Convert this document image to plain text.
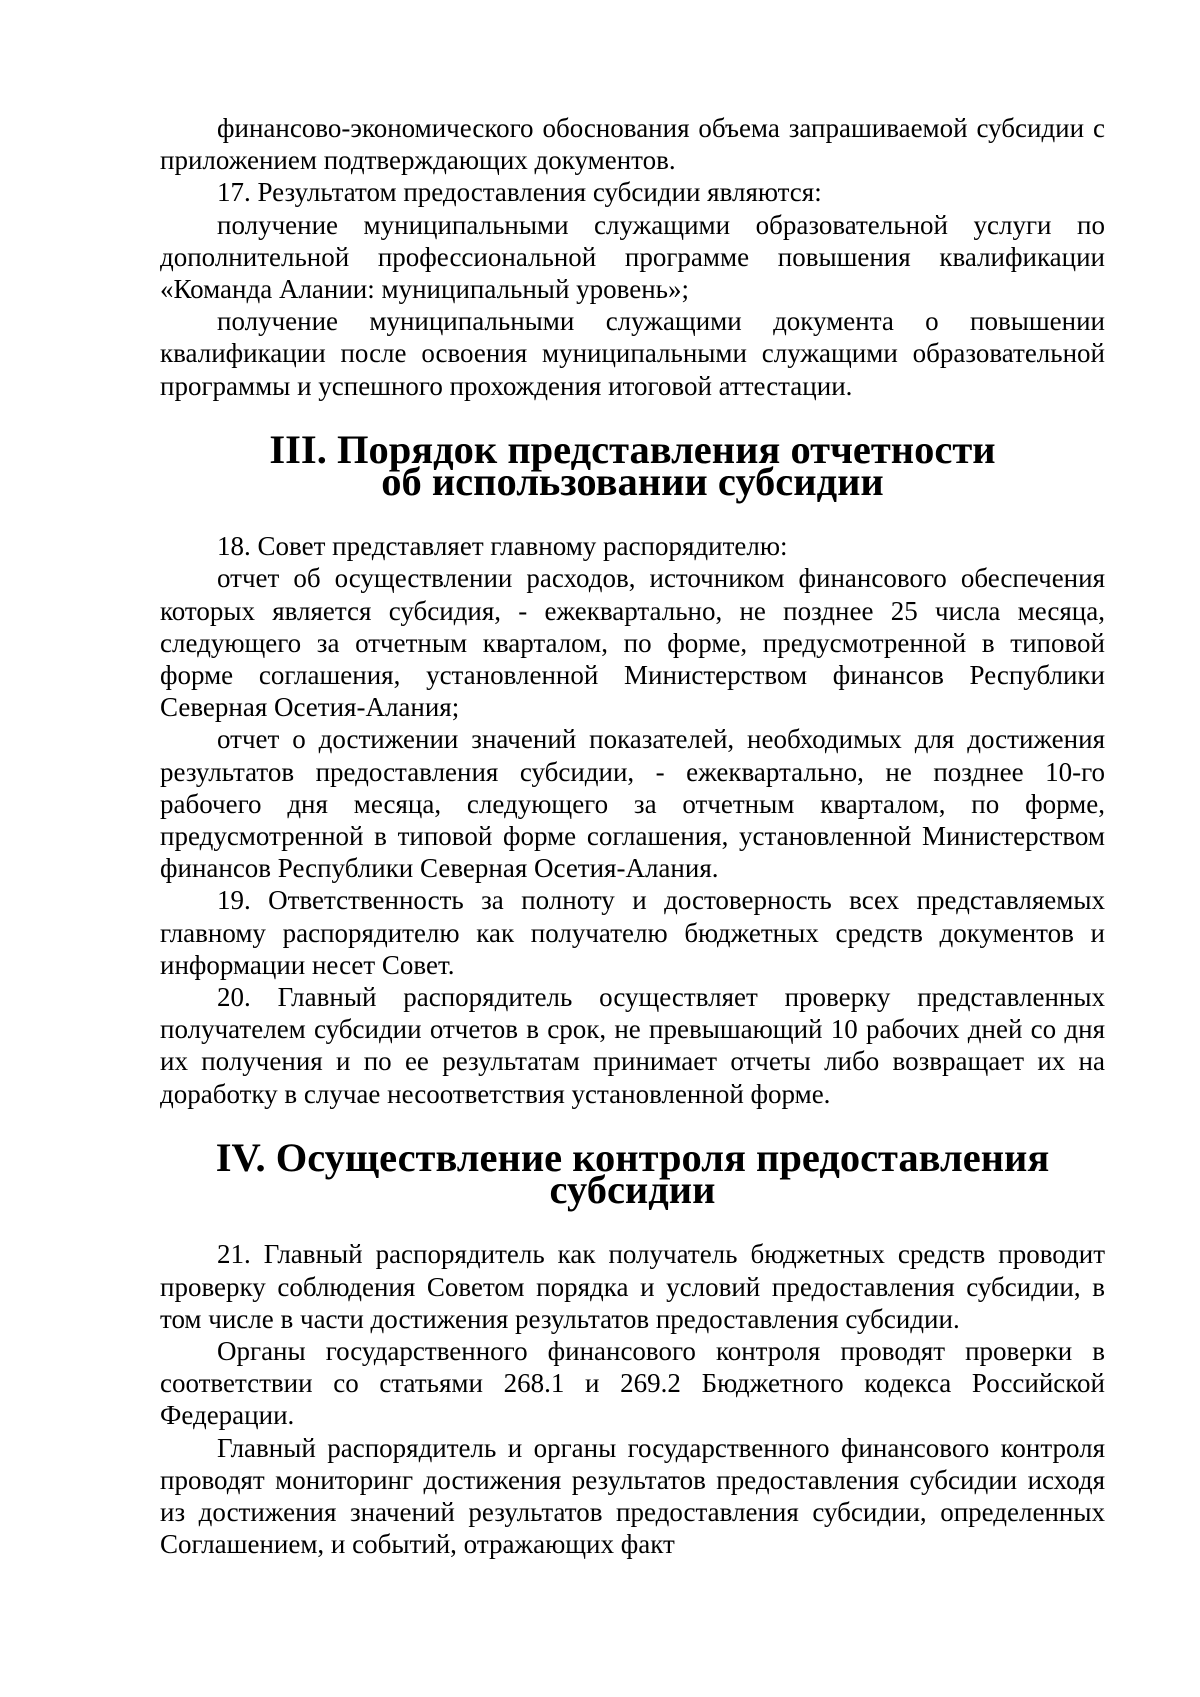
финансово-экономического обоснования объема запрашиваемой субсидии с приложением подтверждающих документов.

17. Результатом предоставления субсидии являются:

получение муниципальными служащими образовательной услуги по дополнительной профессиональной программе повышения квалификации «Команда Алании: муниципальный уровень»;

получение муниципальными служащими документа о повышении квалификации после освоения муниципальными служащими образовательной программы и успешного прохождения итоговой аттестации.

III. Порядок представления отчетности
об использовании субсидии

18. Совет представляет главному распорядителю:

отчет об осуществлении расходов, источником финансового обеспечения которых является субсидия, - ежеквартально, не позднее 25 числа месяца, следующего за отчетным кварталом, по форме, предусмотренной в типовой форме соглашения, установленной Министерством финансов Республики Северная Осетия-Алания;

отчет о достижении значений показателей, необходимых для достижения результатов предоставления субсидии, - ежеквартально, не позднее 10-го рабочего дня месяца, следующего за отчетным кварталом, по форме, предусмотренной в типовой форме соглашения, установленной Министерством финансов Республики Северная Осетия-Алания.

19. Ответственность за полноту и достоверность всех представляемых главному распорядителю как получателю бюджетных средств документов и информации несет Совет.

20. Главный распорядитель осуществляет проверку представленных получателем субсидии отчетов в срок, не превышающий 10 рабочих дней со дня их получения и по ее результатам принимает отчеты либо возвращает их на доработку в случае несоответствия установленной форме.

IV. Осуществление контроля предоставления субсидии

21. Главный распорядитель как получатель бюджетных средств проводит проверку соблюдения Советом порядка и условий предоставления субсидии, в том числе в части достижения результатов предоставления субсидии.

Органы государственного финансового контроля проводят проверки в соответствии со статьями 268.1 и 269.2 Бюджетного кодекса Российской Федерации.

Главный распорядитель и органы государственного финансового контроля проводят мониторинг достижения результатов предоставления субсидии исходя из достижения значений результатов предоставления субсидии, определенных Соглашением, и событий, отражающих факт
